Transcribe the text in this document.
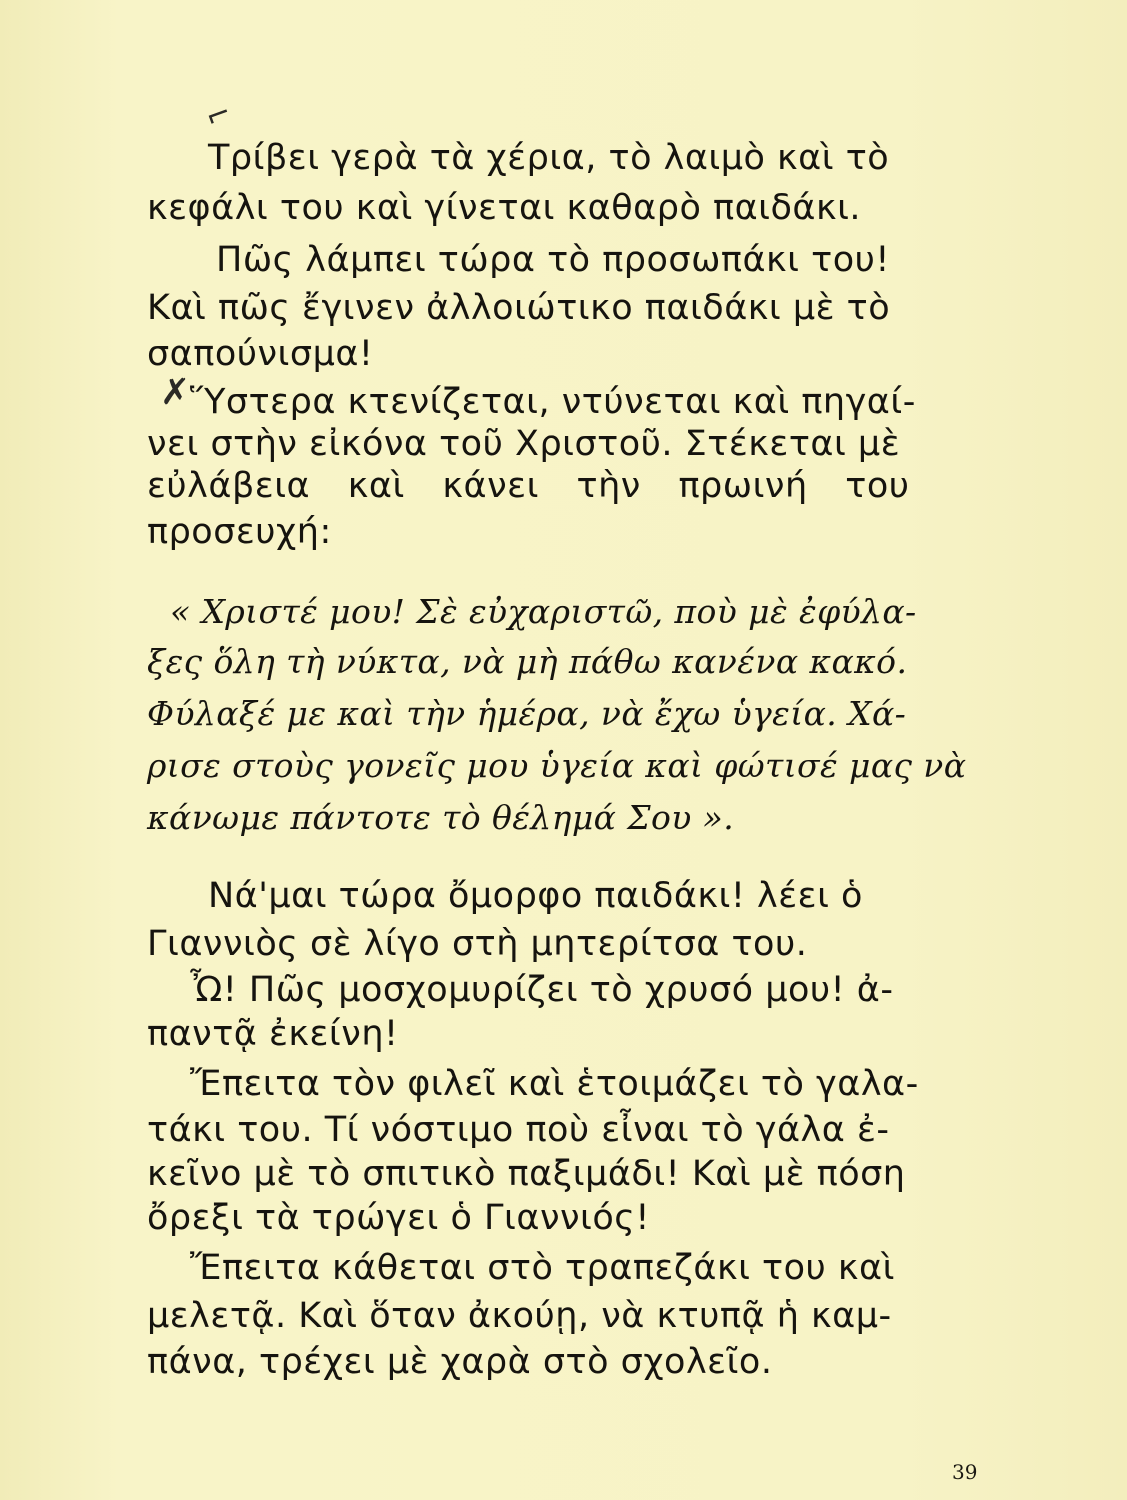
⌐
✗

Τρίβει γερὰ τὰ χέρια, τὸ λαιμὸ καὶ τὸ

κεφάλι του καὶ γίνεται καθαρὸ παιδάκι.

Πῶς λάμπει τώρα τὸ προσωπάκι του!

Καὶ πῶς ἔγινεν ἀλλοιώτικο παιδάκι μὲ τὸ

σαπούνισμα!

Ὕστερα κτενίζεται, ντύνεται καὶ πηγαί-

νει στὴν εἰκόνα τοῦ Χριστοῦ. Στέκεται μὲ

εὐλάβεια καὶ κάνει τὴν πρωινή του

προσευχή:

« Χριστέ μου! Σὲ εὐχαριστῶ, ποὺ μὲ ἐφύλα-

ξες ὅλη τὴ νύκτα, νὰ μὴ πάθω κανένα κακό.

Φύλαξέ με καὶ τὴν ἡμέρα, νὰ ἔχω ὑγεία. Χά-

ρισε στοὺς γονεῖς μου ὑγεία καὶ φώτισέ μας νὰ

κάνωμε πάντοτε τὸ θέλημά Σου ».

Νά'μαι τώρα ὄμορφο παιδάκι! λέει ὁ

Γιαννιὸς σὲ λίγο στὴ μητερίτσα του.

Ὦ! Πῶς μοσχομυρίζει τὸ χρυσό μου! ἀ-

παντᾷ ἐκείνη!

Ἔπειτα τὸν φιλεῖ καὶ ἑτοιμάζει τὸ γαλα-

τάκι του. Τί νόστιμο ποὺ εἶναι τὸ γάλα ἐ-

κεῖνο μὲ τὸ σπιτικὸ παξιμάδι! Καὶ μὲ πόση

ὄρεξι τὰ τρώγει ὁ Γιαννιός!

Ἔπειτα κάθεται στὸ τραπεζάκι του καὶ

μελετᾷ. Καὶ ὅταν ἀκούῃ, νὰ κτυπᾷ ἡ καμ-

πάνα, τρέχει μὲ χαρὰ στὸ σχολεῖο.

39
